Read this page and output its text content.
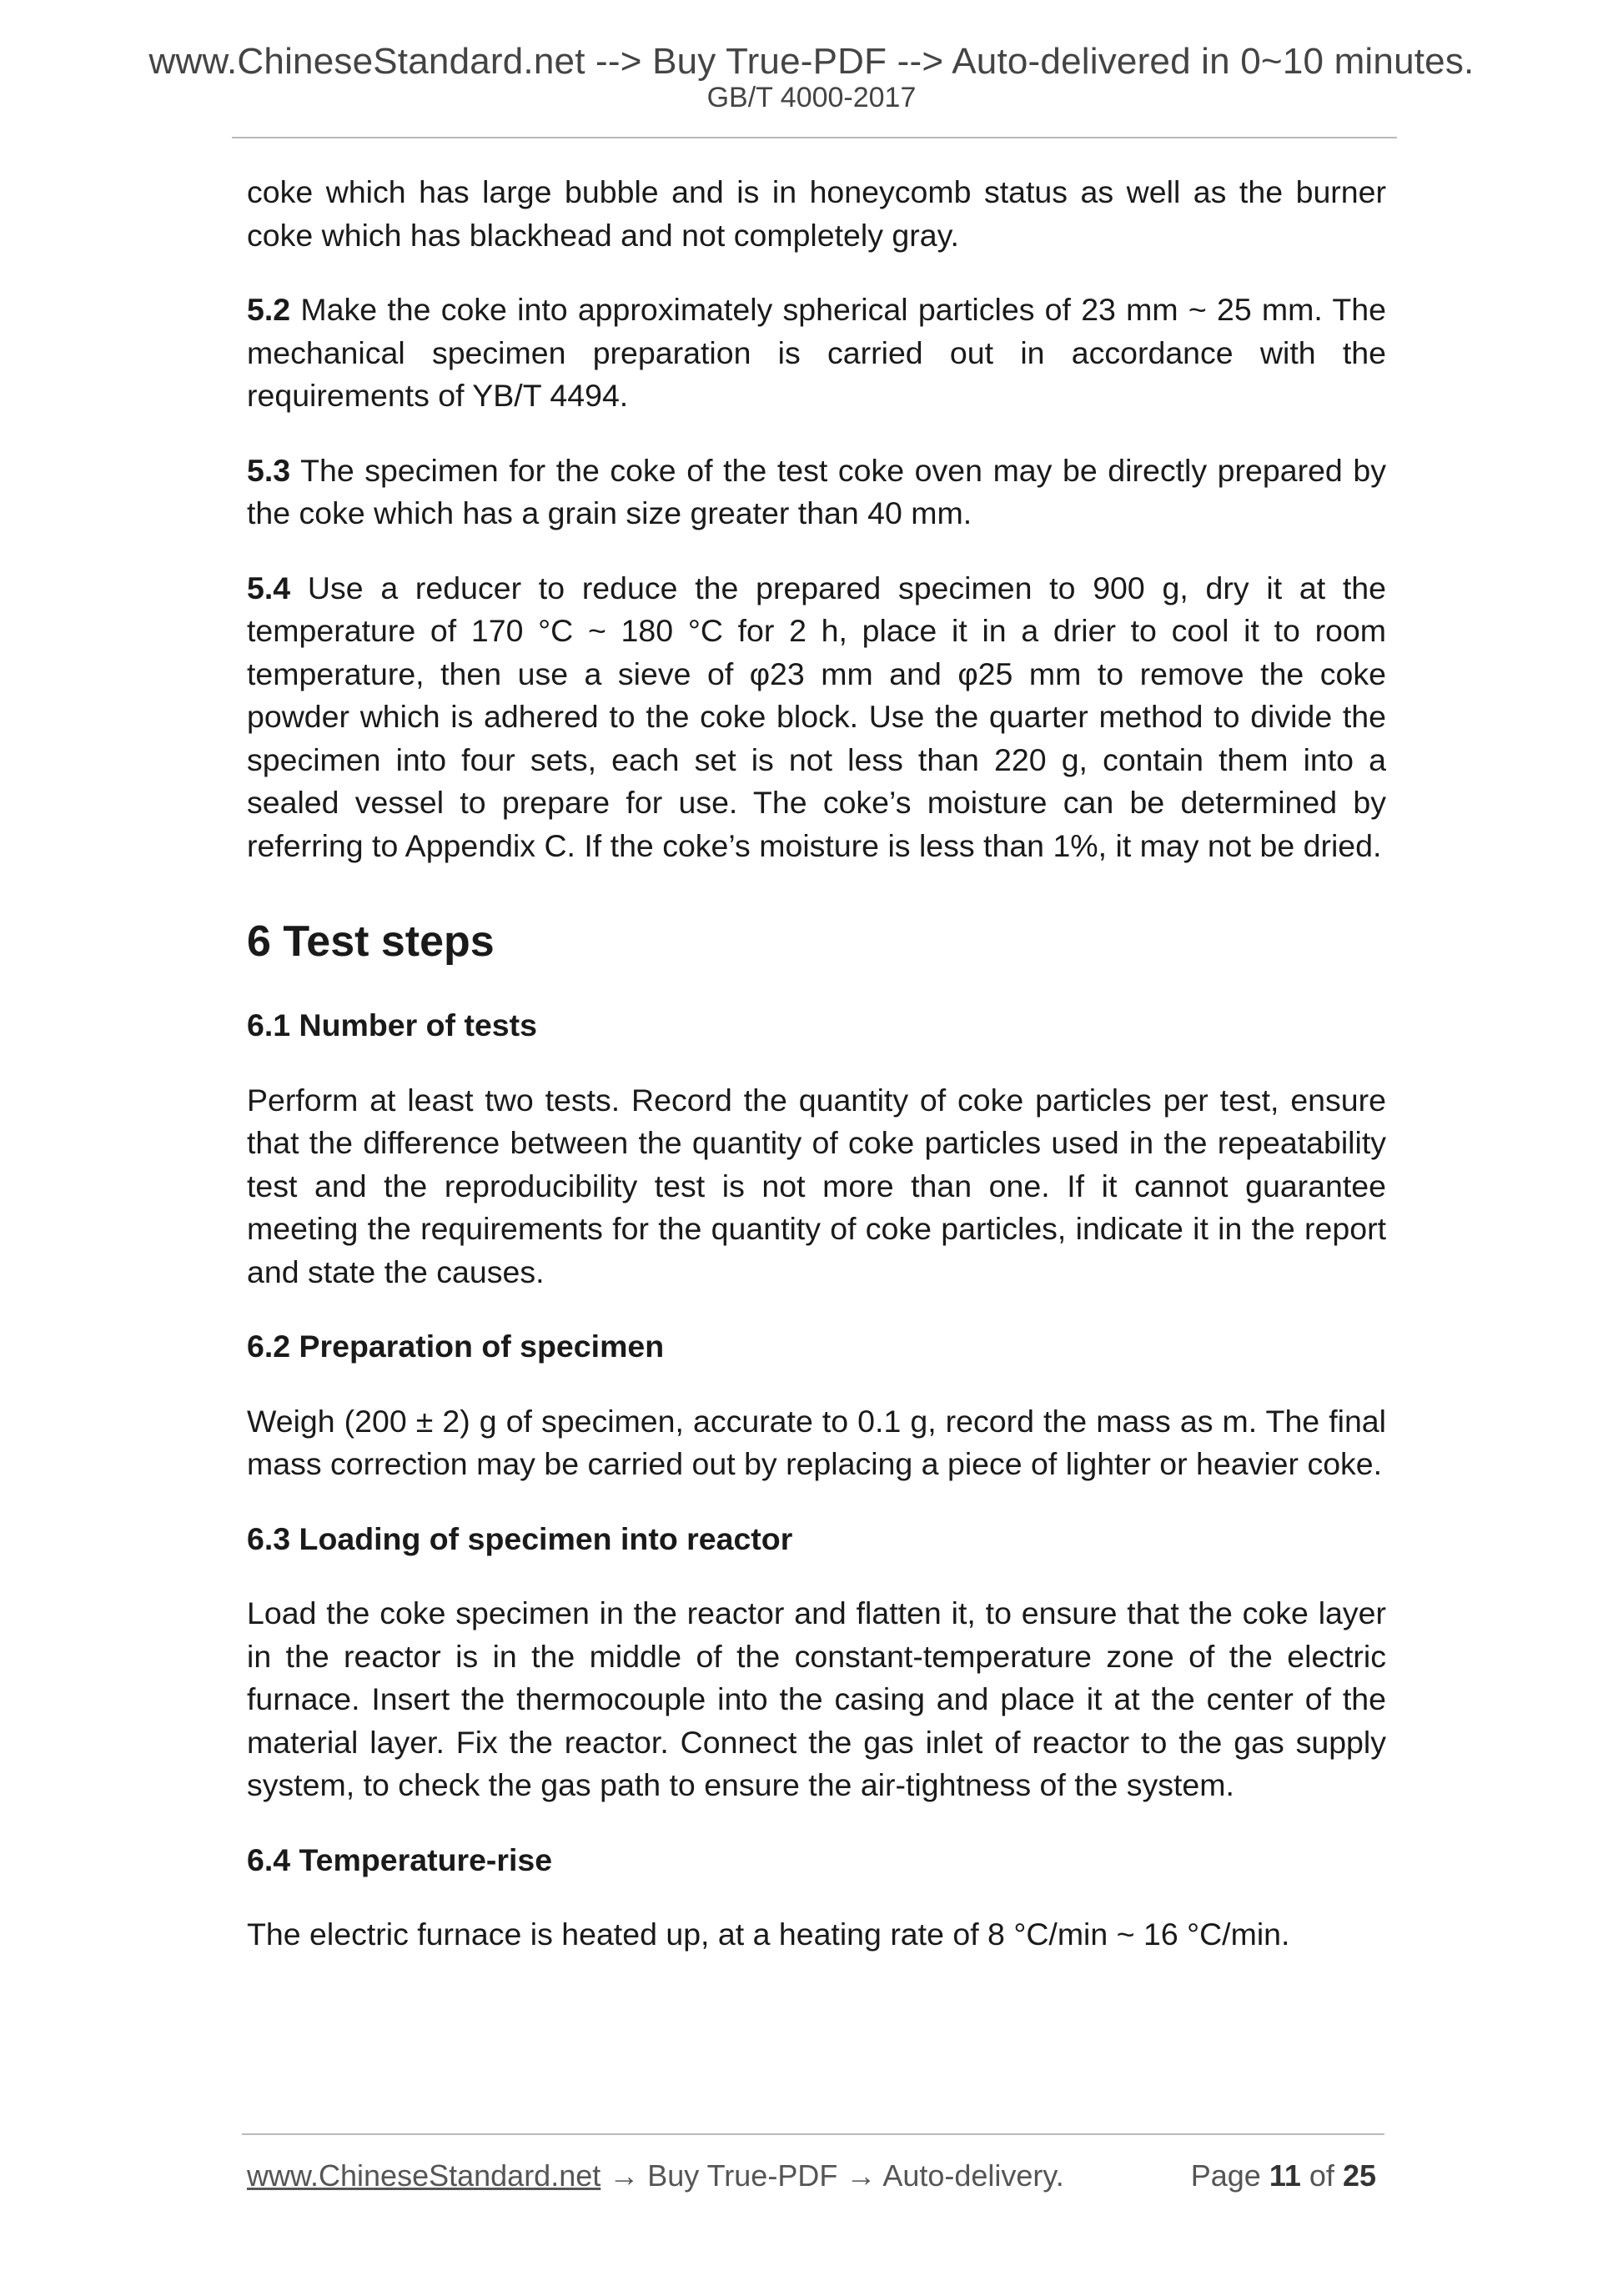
www.ChineseStandard.net --> Buy True-PDF --> Auto-delivered in 0~10 minutes.
GB/T 4000-2017

coke which has large bubble and is in honeycomb status as well as the burner coke which has blackhead and not completely gray.

5.2 Make the coke into approximately spherical particles of 23 mm ~ 25 mm. The mechanical specimen preparation is carried out in accordance with the requirements of YB/T 4494.

5.3 The specimen for the coke of the test coke oven may be directly prepared by the coke which has a grain size greater than 40 mm.

5.4 Use a reducer to reduce the prepared specimen to 900 g, dry it at the temperature of 170 °C ~ 180 °C for 2 h, place it in a drier to cool it to room temperature, then use a sieve of φ23 mm and φ25 mm to remove the coke powder which is adhered to the coke block. Use the quarter method to divide the specimen into four sets, each set is not less than 220 g, contain them into a sealed vessel to prepare for use. The coke’s moisture can be determined by referring to Appendix C. If the coke’s moisture is less than 1%, it may not be dried.

6 Test steps
6.1 Number of tests

Perform at least two tests. Record the quantity of coke particles per test, ensure that the difference between the quantity of coke particles used in the repeatability test and the reproducibility test is not more than one. If it cannot guarantee meeting the requirements for the quantity of coke particles, indicate it in the report and state the causes.

6.2 Preparation of specimen

Weigh (200 ± 2) g of specimen, accurate to 0.1 g, record the mass as m. The final mass correction may be carried out by replacing a piece of lighter or heavier coke.

6.3 Loading of specimen into reactor

Load the coke specimen in the reactor and flatten it, to ensure that the coke layer in the reactor is in the middle of the constant-temperature zone of the electric furnace. Insert the thermocouple into the casing and place it at the center of the material layer. Fix the reactor. Connect the gas inlet of reactor to the gas supply system, to check the gas path to ensure the air-tightness of the system.

6.4 Temperature-rise

The electric furnace is heated up, at a heating rate of 8 °C/min ~ 16 °C/min.

www.ChineseStandard.net → Buy True-PDF → Auto-delivery.	Page 11 of 25
